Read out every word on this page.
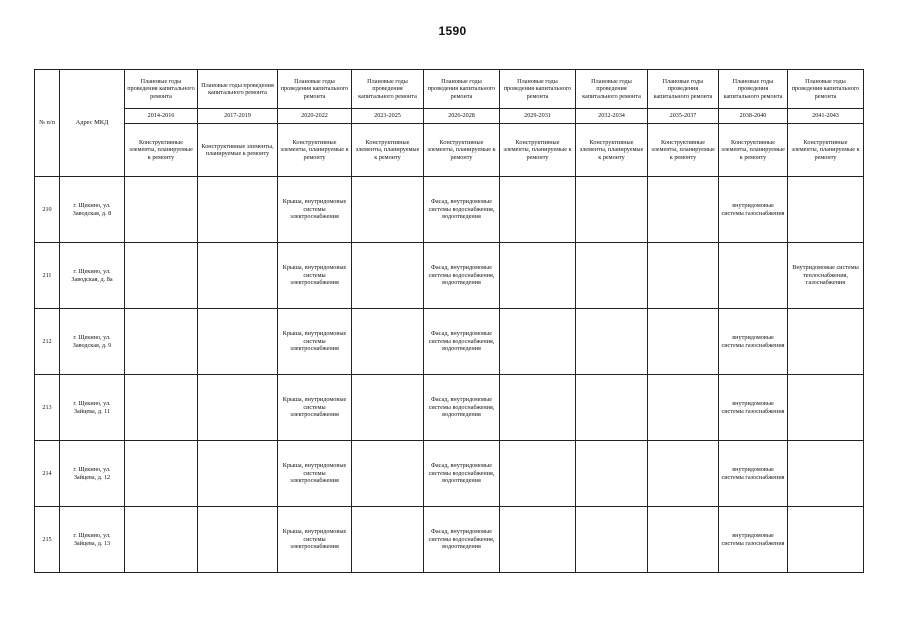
1590
№ п/п	Адрес МКД	Плановые годы проведения капитального ремонта	Плановые годы проведения капитального ремонта	Плановые годы проведения капитального ремонта	Плановые годы проведения капитального ремонта	Плановые годы проведения капитального ремонта	Плановые годы проведения капитального ремонта	Плановые годы проведения капитального ремонта	Плановые годы проведения капитального ремонта	Плановые годы проведения капитального ремонта	Плановые годы проведения капитального ремонта
		2014-2016	2017-2019	2020-2022	2023-2025	2026-2028	2029-2031	2032-2034	2035-2037	2038-2040	2041-2043
		Конструктивные элементы, планируемые к ремонту	Конструктивные элементы, планируемые к ремонту	Конструктивные элементы, планируемые к ремонту	Конструктивные элементы, планируемые к ремонту	Конструктивные элементы, планируемые к ремонту	Конструктивные элементы, планируемые к ремонту	Конструктивные элементы, планируемые к ремонту	Конструктивные элементы, планируемые к ремонту	Конструктивные элементы, планируемые к ремонту	Конструктивные элементы, планируемые к ремонту
210	г. Щекино, ул. Заводская, д. 8			Крыша, внутридомовые системы электроснабжения		Фасад, внутридомовые системы водоснабжения, водоотведения				внутридомовые системы газоснабжения	
211	г. Щекино, ул. Заводская, д. 8а			Крыша, внутридомовые системы электроснабжения		Фасад, внутридомовые системы водоснабжения, водоотведения					Внутридомовые системы теплоснабжения, газоснабжения
212	г. Щекино, ул. Заводская, д. 9			Крыша, внутридомовые системы электроснабжения		Фасад, внутридомовые системы водоснабжения, водоотведения				внутридомовые системы газоснабжения	
213	г. Щекино, ул. Зайцева, д. 11			Крыша, внутридомовые системы электроснабжения		Фасад, внутридомовые системы водоснабжения, водоотведения				внутридомовые системы газоснабжения	
214	г. Щекино, ул. Зайцева, д. 12			Крыша, внутридомовые системы электроснабжения		Фасад, внутридомовые системы водоснабжения, водоотведения				внутридомовые системы газоснабжения	
215	г. Щекино, ул. Зайцева, д. 13			Крыша, внутридомовые системы электроснабжения		Фасад, внутридомовые системы водоснабжения, водоотведения				внутридомовые системы газоснабжения	
